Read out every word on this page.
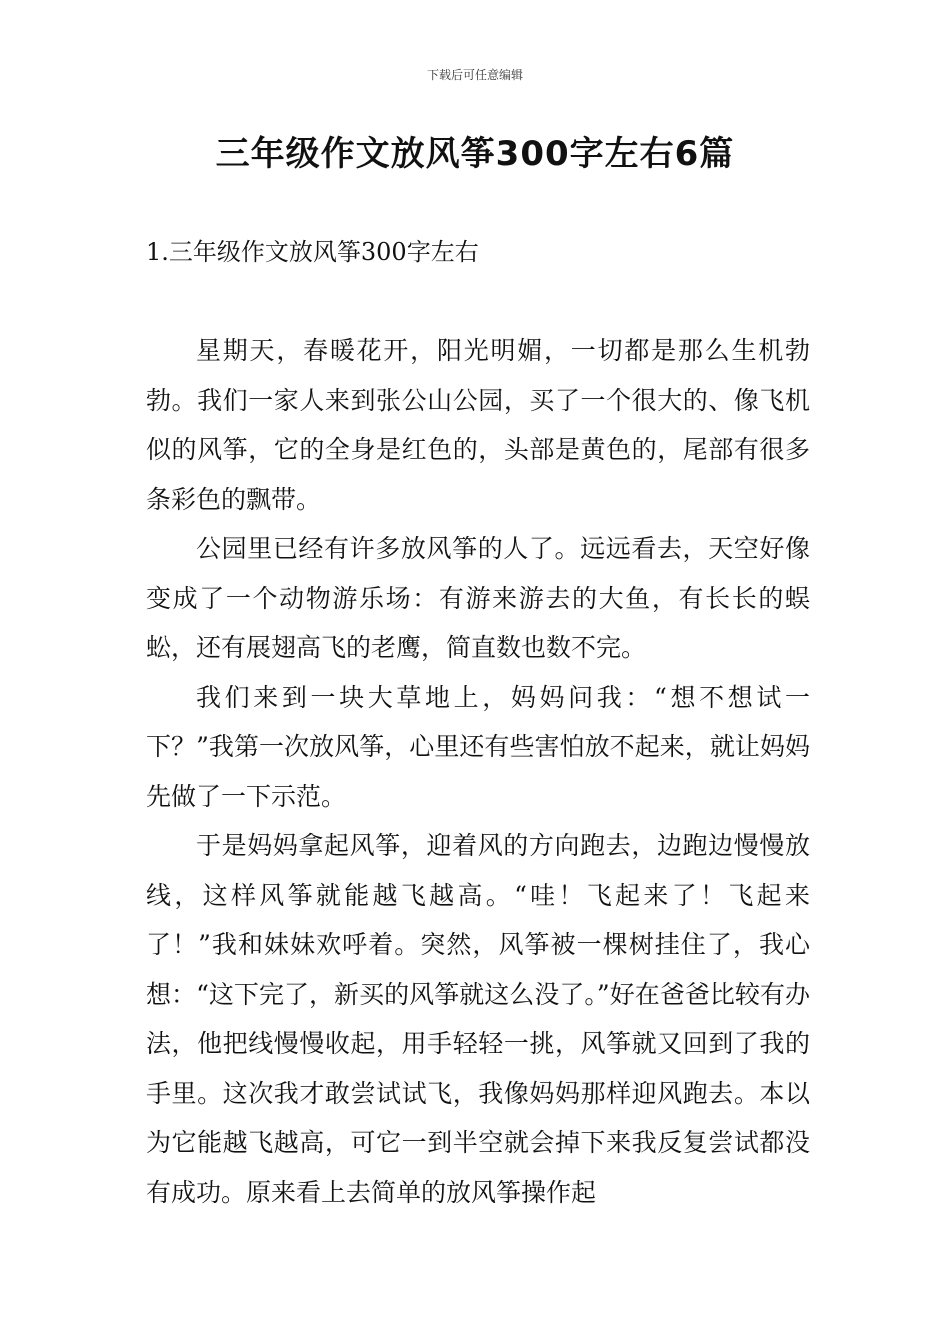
下载后可任意编辑
三年级作文放风筝300字左右6篇
1.三年级作文放风筝300字左右

星期天，春暖花开，阳光明媚，一切都是那么生机勃勃。我们一家人来到张公山公园，买了一个很大的、像飞机似的风筝，它的全身是红色的，头部是黄色的，尾部有很多条彩色的飘带。

公园里已经有许多放风筝的人了。远远看去，天空好像变成了一个动物游乐场：有游来游去的大鱼，有长长的蜈蚣，还有展翅高飞的老鹰，简直数也数不完。

我们来到一块大草地上，妈妈问我：“想不想试一下？”我第一次放风筝，心里还有些害怕放不起来，就让妈妈先做了一下示范。

于是妈妈拿起风筝，迎着风的方向跑去，边跑边慢慢放线，这样风筝就能越飞越高。“哇！飞起来了！飞起来了！”我和妹妹欢呼着。突然，风筝被一棵树挂住了，我心想：“这下完了，新买的风筝就这么没了。”好在爸爸比较有办法，他把线慢慢收起，用手轻轻一挑，风筝就又回到了我的手里。这次我才敢尝试试飞，我像妈妈那样迎风跑去。本以为它能越飞越高，可它一到半空就会掉下来我反复尝试都没有成功。原来看上去简单的放风筝操作起
